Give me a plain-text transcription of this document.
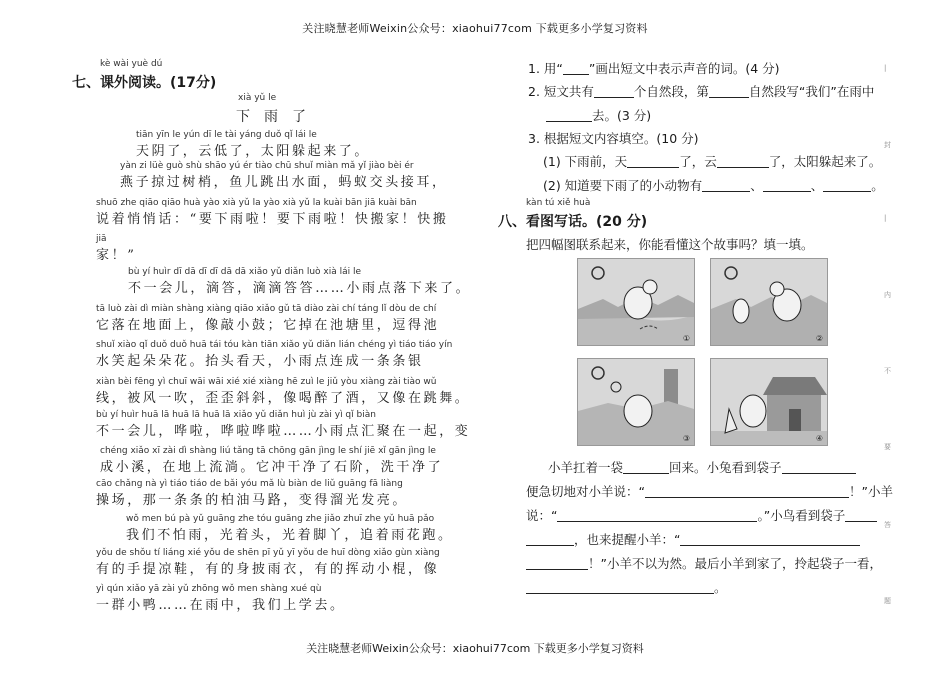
关注晓慧老师Weixin公众号：xiaohui77com 下载更多小学复习资料
kè wài yuè dú
七、课外阅读。(17分)
xià yǔ le
下雨了
tiān yīn le yún dī le tài yáng duǒ qǐ lái le
天阴了，云低了，太阳躲起来了。
yàn zi lüè guò shù shāo yú ér tiào chū shuǐ miàn mǎ yǐ jiào bèi ér
燕子掠过树梢，鱼儿跳出水面，蚂蚁交头接耳，
shuō zhe qiāo qiāo huà yào xià yǔ la yào xià yǔ la kuài bān jiā kuài bān
说着悄悄话：“要下雨啦！要下雨啦！快搬家！快搬
jiā
家！”
bù yí huìr dī dā dī dī dā dā xiǎo yǔ diǎn luò xià lái le
不一会儿，滴答，滴滴答答……小雨点落下来了。
tā luò zài dì miàn shàng xiàng qiāo xiǎo gǔ tā diào zài chí táng lǐ dòu de chí
它落在地面上，像敲小鼓；它掉在池塘里，逗得池
shuǐ xiào qǐ duǒ duǒ huā tái tóu kàn tiān xiǎo yǔ diǎn lián chéng yì tiáo tiáo yín
水笑起朵朵花。抬头看天，小雨点连成一条条银
xiàn bèi fēng yì chuī wāi wāi xié xié xiàng hē zuì le jiǔ yòu xiàng zài tiào wǔ
线，被风一吹，歪歪斜斜，像喝醉了酒，又像在跳舞。
bù yí huìr huā lā huā lā huā lā xiǎo yǔ diǎn huì jù zài yì qǐ biàn
不一会儿，哗啦，哗啦哗啦……小雨点汇聚在一起，变
chéng xiǎo xī zài dì shàng liú tǎng tā chōng gān jìng le shí jiē xǐ gān jìng le
成小溪，在地上流淌。它冲干净了石阶，洗干净了
cāo chǎng nà yì tiáo tiáo de bǎi yóu mǎ lù biàn de liǔ guāng fā liàng
操场，那一条条的柏油马路，变得溜光发亮。
wǒ men bú pà yǔ guāng zhe tóu guāng zhe jiǎo zhuī zhe yǔ huā pǎo
我们不怕雨，光着头，光着脚丫，追着雨花跑。
yǒu de shǒu tí liáng xié yǒu de shēn pī yǔ yī yǒu de huī dòng xiǎo gùn xiàng
有的手提凉鞋，有的身披雨衣，有的挥动小棍，像
yì qún xiǎo yā zài yǔ zhōng wǒ men shàng xué qù
一群小鸭……在雨中，我们上学去。
1. 用“ ”画出短文中表示声音的词。(4 分)
2. 短文共有	个自然段，第	自然段写“我们”在雨中
去。(3 分)
3. 根据短文内容填空。(10 分)
(1) 下雨前，天	了，云	了，太阳躲起来了。
(2) 知道要下雨了的小动物有	、	、	。
kàn tú xiě huà
八、看图写话。(20 分)
把四幅图联系起来，你能看懂这个故事吗？填一填。
①	②
③	④
小羊扛着一袋	回来。小兔看到袋子
便急切地对小羊说：“	！”小羊
说：“	。”小鸟看到袋子
，也来提醒小羊：“
！”小羊不以为然。最后小羊到家了，拎起袋子一看，
。
|
封
|
内
不
要
答
题
关注晓慧老师Weixin公众号：xiaohui77com 下载更多小学复习资料
